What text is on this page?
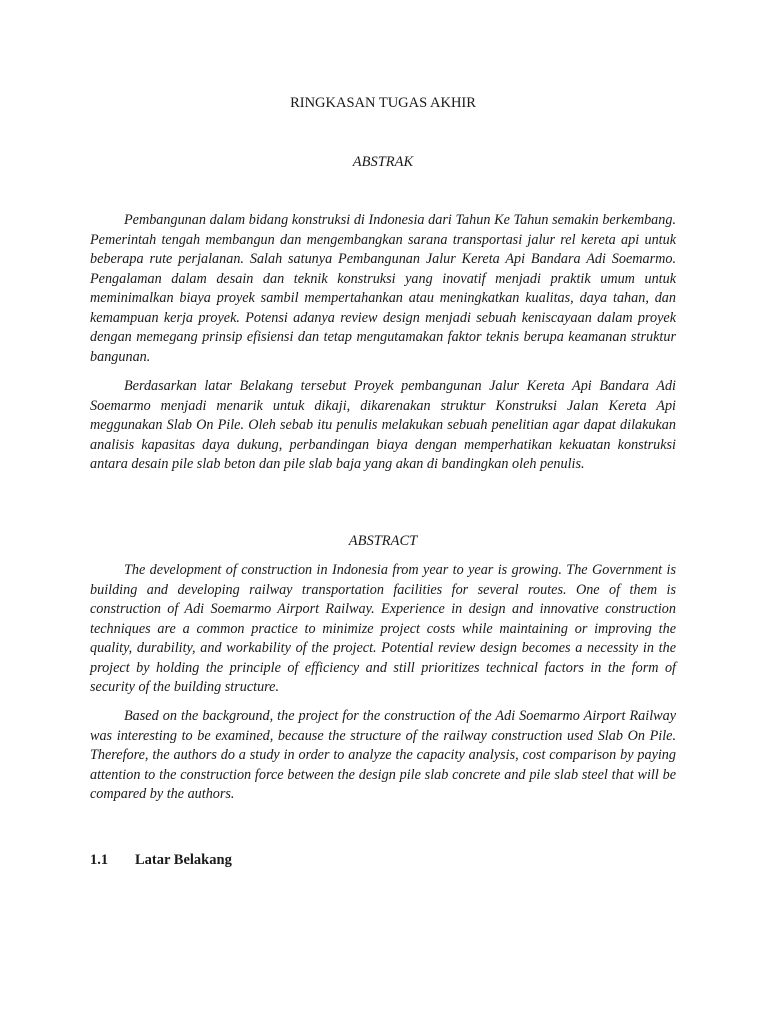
RINGKASAN TUGAS AKHIR
ABSTRAK

Pembangunan dalam bidang konstruksi di Indonesia dari Tahun Ke Tahun semakin berkembang. Pemerintah tengah membangun dan mengembangkan sarana transportasi jalur rel kereta api untuk beberapa rute perjalanan. Salah satunya Pembangunan Jalur Kereta Api Bandara Adi Soemarmo. Pengalaman dalam desain dan teknik konstruksi yang inovatif menjadi praktik umum untuk meminimalkan biaya proyek sambil mempertahankan atau meningkatkan kualitas, daya tahan, dan kemampuan kerja proyek. Potensi adanya review design menjadi sebuah keniscayaan dalam proyek dengan memegang prinsip efisiensi dan tetap mengutamakan faktor teknis berupa keamanan struktur bangunan.

Berdasarkan latar Belakang tersebut Proyek pembangunan Jalur Kereta Api Bandara Adi Soemarmo menjadi menarik untuk dikaji, dikarenakan struktur Konstruksi Jalan Kereta Api meggunakan Slab On Pile. Oleh sebab itu penulis melakukan sebuah penelitian agar dapat dilakukan analisis kapasitas daya dukung, perbandingan biaya dengan memperhatikan kekuatan konstruksi antara desain pile slab beton dan pile slab baja yang akan di bandingkan oleh penulis.

ABSTRACT

The development of construction in Indonesia from year to year is growing. The Government is building and developing railway transportation facilities for several routes. One of them is construction of Adi Soemarmo Airport Railway. Experience in design and innovative construction techniques are a common practice to minimize project costs while maintaining or improving the quality, durability, and workability of the project. Potential review design becomes a necessity in the project by holding the principle of efficiency and still prioritizes technical factors in the form of security of the building structure.

Based on the background, the project for the construction of the Adi Soemarmo Airport Railway was interesting to be examined, because the structure of the railway construction used Slab On Pile. Therefore, the authors do a study in order to analyze the capacity analysis, cost comparison by paying attention to the construction force between the design pile slab concrete and pile slab steel that will be compared by the authors.

1.1 Latar Belakang
